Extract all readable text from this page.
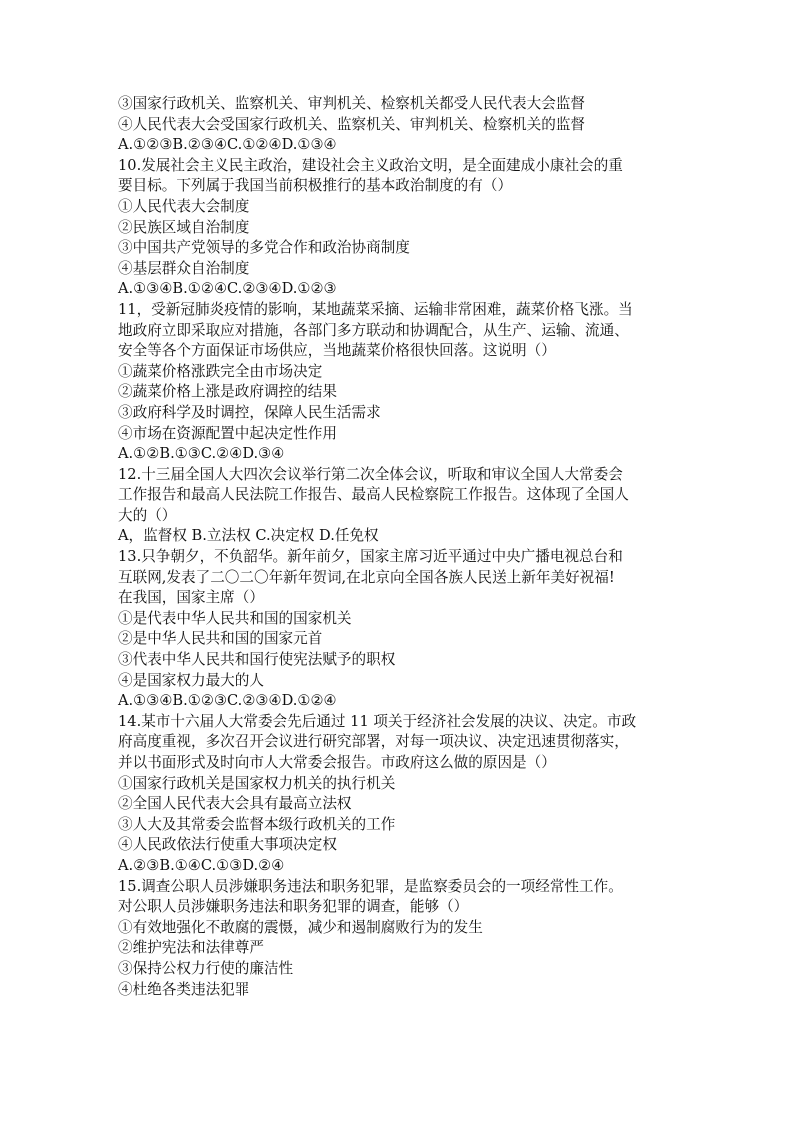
③国家行政机关、监察机关、审判机关、检察机关都受人民代表大会监督
④人民代表大会受国家行政机关、监察机关、审判机关、检察机关的监督
A.①②③B.②③④C.①②④D.①③④
10.发展社会主义民主政治，建设社会主义政治文明，是全面建成小康社会的重
要目标。下列属于我国当前积极推行的基本政治制度的有（）
①人民代表大会制度
②民族区域自治制度
③中国共产党领导的多党合作和政治协商制度
④基层群众自治制度
A.①③④B.①②④C.②③④D.①②③
11，受新冠肺炎疫情的影响，某地蔬菜采摘、运输非常困难，蔬菜价格飞涨。当
地政府立即采取应对措施，各部门多方联动和协调配合，从生产、运输、流通、
安全等各个方面保证市场供应，当地蔬菜价格很快回落。这说明（）
①蔬菜价格涨跌完全由市场决定
②蔬菜价格上涨是政府调控的结果
③政府科学及时调控，保障人民生活需求
④市场在资源配置中起决定性作用
A.①②B.①③C.②④D.③④
12.十三届全国人大四次会议举行第二次全体会议，听取和审议全国人大常委会
工作报告和最高人民法院工作报告、最高人民检察院工作报告。这体现了全国人
大的（）
A，监督权 B.立法权 C.决定权 D.任免权
13.只争朝夕，不负韶华。新年前夕，国家主席习近平通过中央广播电视总台和
互联网,发表了二〇二〇年新年贺词,在北京向全国各族人民送上新年美好祝福!
在我国，国家主席（）
①是代表中华人民共和国的国家机关
②是中华人民共和国的国家元首
③代表中华人民共和国行使宪法赋予的职权
④是国家权力最大的人
A.①③④B.①②③C.②③④D.①②④
14.某市十六届人大常委会先后通过 11 项关于经济社会发展的决议、决定。市政
府高度重视，多次召开会议进行研究部署，对每一项决议、决定迅速贯彻落实，
并以书面形式及时向市人大常委会报告。市政府这么做的原因是（）
①国家行政机关是国家权力机关的执行机关
②全国人民代表大会具有最高立法权
③人大及其常委会监督本级行政机关的工作
④人民政依法行使重大事项决定权
A.②③B.①④C.①③D.②④
15.调查公职人员涉嫌职务违法和职务犯罪，是监察委员会的一项经常性工作。
对公职人员涉嫌职务违法和职务犯罪的调查，能够（）
①有效地强化不敢腐的震慑，减少和遏制腐败行为的发生
②维护宪法和法律尊严
③保持公权力行使的廉洁性
④杜绝各类违法犯罪
